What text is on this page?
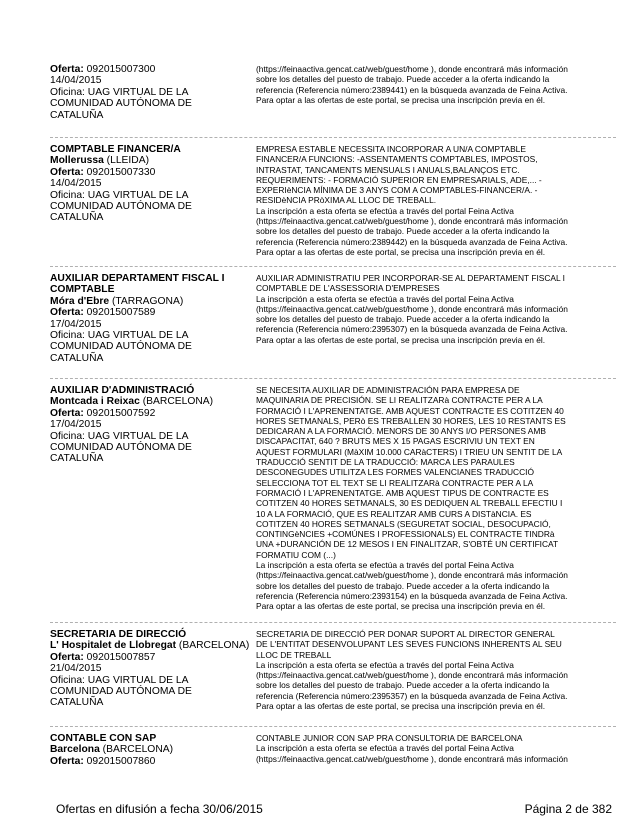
Oferta: 092015007300
14/04/2015
Oficina: UAG VIRTUAL DE LA
COMUNIDAD AUTÓNOMA DE
CATALUÑA
(https://feinaactiva.gencat.cat/web/guest/home ), donde encontrará más información
sobre los detalles del puesto de trabajo. Puede acceder a la oferta indicando la
referencia (Referencia número:2389441) en la búsqueda avanzada de Feina Activa.
Para optar a las ofertas de este portal, se precisa una inscripción previa en él.
COMPTABLE FINANCER/A
Mollerussa (LLEIDA)
Oferta: 092015007330
14/04/2015
Oficina: UAG VIRTUAL DE LA
COMUNIDAD AUTÓNOMA DE
CATALUÑA
EMPRESA ESTABLE NECESSITA INCORPORAR A UN/A COMPTABLE
FINANCER/A FUNCIONS: -ASSENTAMENTS COMPTABLES, IMPOSTOS,
INTRASTAT, TANCAMENTS MENSUALS I ANUALS,BALANÇOS ETC.
REQUERIMENTS: - FORMACIÓ SUPERIOR EN EMPRESARIALS, ADE,... -
EXPERIèNCIA MÍNIMA DE 3 ANYS COM A COMPTABLES-FINANCER/A. -
RESIDèNCIA PRòXIMA AL LLOC DE TREBALL.
La inscripción a esta oferta se efectúa a través del portal Feina Activa
(https://feinaactiva.gencat.cat/web/guest/home ), donde encontrará más información
sobre los detalles del puesto de trabajo. Puede acceder a la oferta indicando la
referencia (Referencia número:2389442) en la búsqueda avanzada de Feina Activa.
Para optar a las ofertas de este portal, se precisa una inscripción previa en él.
AUXILIAR DEPARTAMENT FISCAL I
COMPTABLE
Móra d'Ebre (TARRAGONA)
Oferta: 092015007589
17/04/2015
Oficina: UAG VIRTUAL DE LA
COMUNIDAD AUTÓNOMA DE
CATALUÑA
AUXILIAR ADMINISTRATIU PER INCORPORAR-SE AL DEPARTAMENT FISCAL I
COMPTABLE DE L'ASSESSORIA D'EMPRESES
La inscripción a esta oferta se efectúa a través del portal Feina Activa
(https://feinaactiva.gencat.cat/web/guest/home ), donde encontrará más información
sobre los detalles del puesto de trabajo. Puede acceder a la oferta indicando la
referencia (Referencia número:2395307) en la búsqueda avanzada de Feina Activa.
Para optar a las ofertas de este portal, se precisa una inscripción previa en él.
AUXILIAR D'ADMINISTRACIÓ
Montcada i Reixac (BARCELONA)
Oferta: 092015007592
17/04/2015
Oficina: UAG VIRTUAL DE LA
COMUNIDAD AUTÓNOMA DE
CATALUÑA
SE NECESITA AUXILIAR DE ADMINISTRACIÓN PARA EMPRESA DE
MAQUINARIA DE PRECISIÓN. SE LI REALITZARà CONTRACTE PER A LA
FORMACIÓ I L'APRENENTATGE. AMB AQUEST CONTRACTE ES COTITZEN 40
HORES SETMANALS, PERò ES TREBALLEN 30 HORES, LES 10 RESTANTS ES
DEDICARAN A LA FORMACIÓ. MENORS DE 30 ANYS I/O PERSONES AMB
DISCAPACITAT, 640 ? BRUTS MES X 15 PAGAS ESCRIVIU UN TEXT EN
AQUEST FORMULARI (MàXIM 10.000 CARàCTERS) I TRIEU UN SENTIT DE LA
TRADUCCIÓ SENTIT DE LA TRADUCCIÓ: MARCA LES PARAULES
DESCONEGUDES UTILITZA LES FORMES VALENCIANES TRADUCCIÓ
SELECCIONA TOT EL TEXT SE LI REALITZARà CONTRACTE PER A LA
FORMACIÓ I L'APRENENTATGE. AMB AQUEST TIPUS DE CONTRACTE ES
COTITZEN 40 HORES SETMANALS, 30 ES DEDIQUEN AL TREBALL EFECTIU I
10 A LA FORMACIÓ, QUE ES REALITZAR AMB CURS A DISTàNCIA. ES
COTITZEN 40 HORES SETMANALS (SEGURETAT SOCIAL, DESOCUPACIÓ,
CONTINGèNCIES +COMÚNES I PROFESSIONALS) EL CONTRACTE TINDRà
UNA +DURANCIÓN DE 12 MESOS I EN FINALITZAR, S'OBTÉ UN CERTIFICAT
FORMATIU COM (...)
La inscripción a esta oferta se efectúa a través del portal Feina Activa
(https://feinaactiva.gencat.cat/web/guest/home ), donde encontrará más información
sobre los detalles del puesto de trabajo. Puede acceder a la oferta indicando la
referencia (Referencia número:2393154) en la búsqueda avanzada de Feina Activa.
Para optar a las ofertas de este portal, se precisa una inscripción previa en él.
SECRETARIA DE DIRECCIÓ
L' Hospitalet de Llobregat (BARCELONA)
Oferta: 092015007857
21/04/2015
Oficina: UAG VIRTUAL DE LA
COMUNIDAD AUTÓNOMA DE
CATALUÑA
SECRETARIA DE DIRECCIÓ PER DONAR SUPORT AL DIRECTOR GENERAL
DE L'ENTITAT DESENVOLUPANT LES SEVES FUNCIONS INHERENTS AL SEU
LLOC DE TREBALL
La inscripción a esta oferta se efectúa a través del portal Feina Activa
(https://feinaactiva.gencat.cat/web/guest/home ), donde encontrará más información
sobre los detalles del puesto de trabajo. Puede acceder a la oferta indicando la
referencia (Referencia número:2395357) en la búsqueda avanzada de Feina Activa.
Para optar a las ofertas de este portal, se precisa una inscripción previa en él.
CONTABLE CON SAP
Barcelona (BARCELONA)
Oferta: 092015007860
CONTABLE JUNIOR CON SAP PRA CONSULTORIA DE BARCELONA
La inscripción a esta oferta se efectúa a través del portal Feina Activa
(https://feinaactiva.gencat.cat/web/guest/home ), donde encontrará más información
Ofertas en difusión a fecha 30/06/2015	Página 2 de 382
